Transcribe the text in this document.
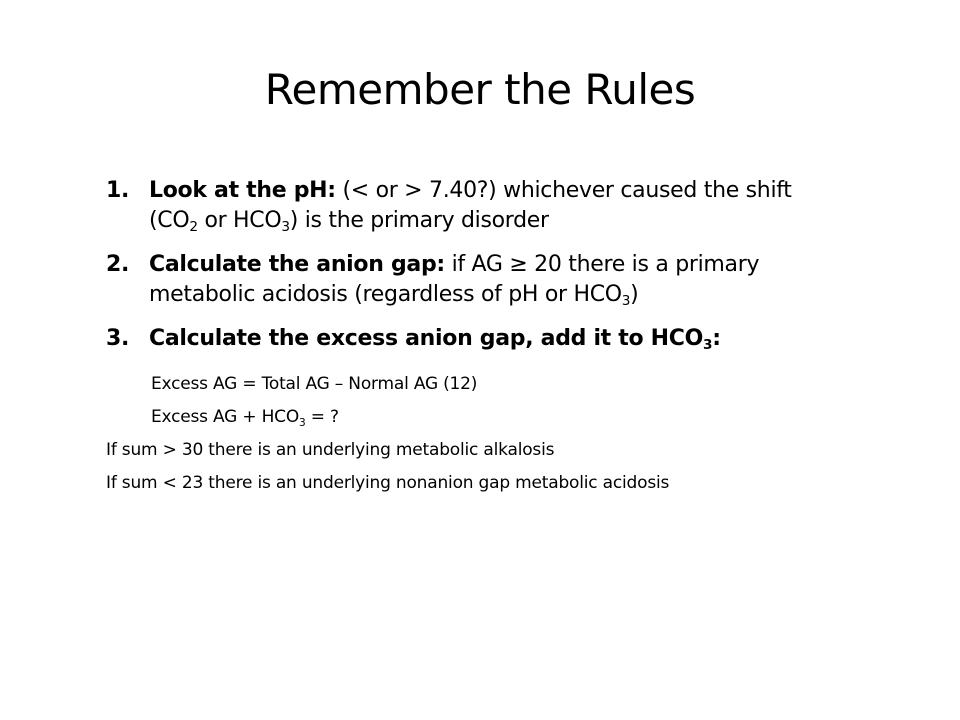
Remember the Rules
1. Look at the pH: (< or > 7.40?) whichever caused the shift ($CO_2$ or $HCO_3$) is the primary disorder
2. Calculate the anion gap: if AG ≥ 20 there is a primary metabolic acidosis (regardless of pH or $HCO_3$)
3. Calculate the excess anion gap, add it to $HCO_3$:
Excess AG = Total AG – Normal AG (12)
Excess AG + $HCO_3$ = ?
If sum > 30 there is an underlying metabolic alkalosis
If sum < 23 there is an underlying nonanion gap metabolic acidosis
